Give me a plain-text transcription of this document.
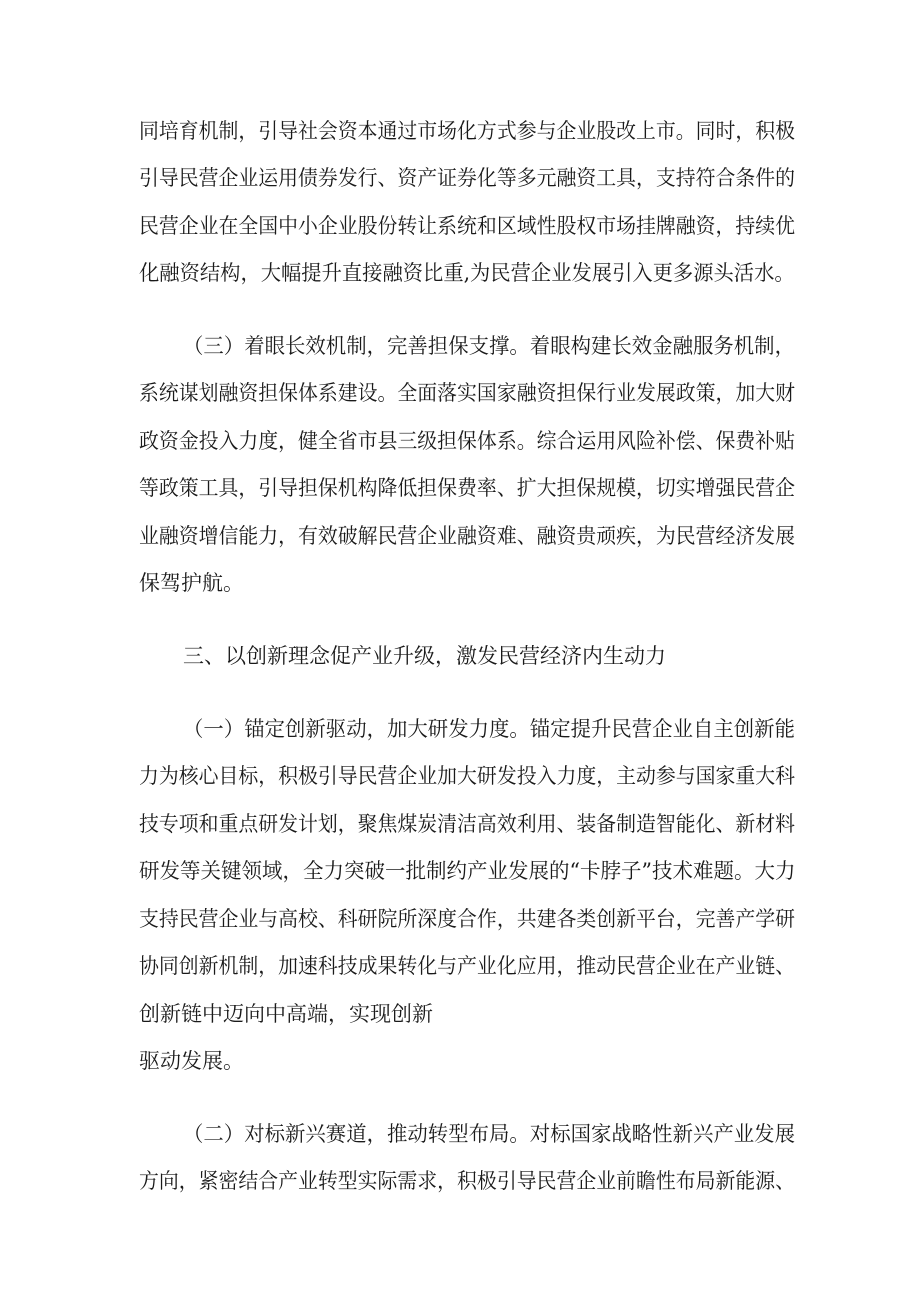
同培育机制，引导社会资本通过市场化方式参与企业股改上市。同时，积极

引导民营企业运用债券发行、资产证券化等多元融资工具，支持符合条件的

民营企业在全国中小企业股份转让系统和区域性股权市场挂牌融资，持续优

化融资结构，大幅提升直接融资比重,为民营企业发展引入更多源头活水。

（三）着眼长效机制，完善担保支撑。着眼构建长效金融服务机制，

系统谋划融资担保体系建设。全面落实国家融资担保行业发展政策，加大财

政资金投入力度，健全省市县三级担保体系。综合运用风险补偿、保费补贴

等政策工具，引导担保机构降低担保费率、扩大担保规模，切实增强民营企

业融资增信能力，有效破解民营企业融资难、融资贵顽疾，为民营经济发展

保驾护航。

三、以创新理念促产业升级，激发民营经济内生动力

（一）锚定创新驱动，加大研发力度。锚定提升民营企业自主创新能

力为核心目标，积极引导民营企业加大研发投入力度，主动参与国家重大科

技专项和重点研发计划，聚焦煤炭清洁高效利用、装备制造智能化、新材料

研发等关键领域，全力突破一批制约产业发展的“卡脖子”技术难题。大力

支持民营企业与高校、科研院所深度合作，共建各类创新平台，完善产学研

协同创新机制，加速科技成果转化与产业化应用，推动民营企业在产业链、

创新链中迈向中高端，实现创新

驱动发展。

（二）对标新兴赛道，推动转型布局。对标国家战略性新兴产业发展

方向，紧密结合产业转型实际需求，积极引导民营企业前瞻性布局新能源、
